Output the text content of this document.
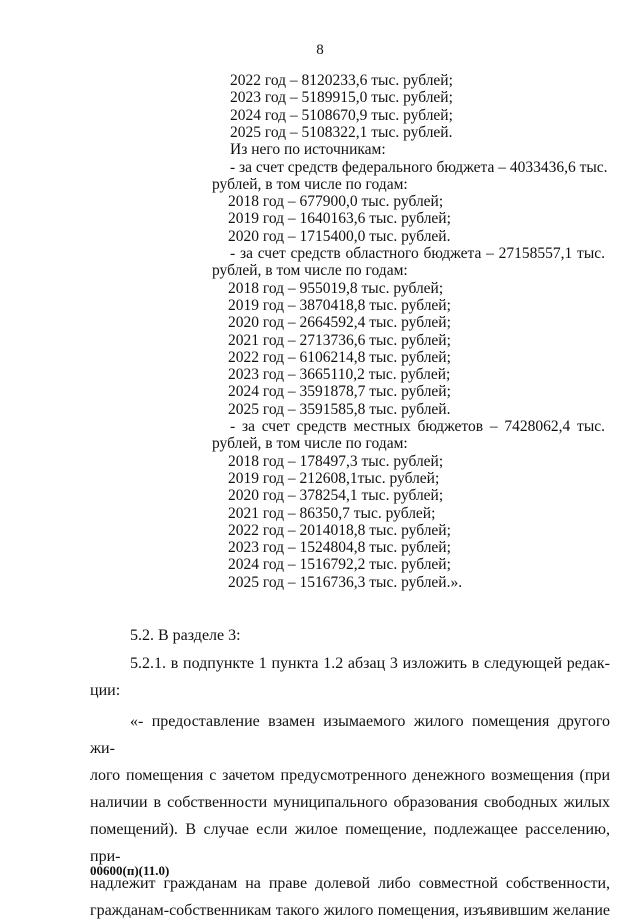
8
2022 год – 8120233,6 тыс. рублей;
2023 год – 5189915,0 тыс. рублей;
2024 год – 5108670,9 тыс. рублей;
2025 год – 5108322,1 тыс. рублей.
Из него по источникам:
- за счет средств федерального бюджета – 4033436,6 тыс.
рублей, в том числе по годам:
2018 год – 677900,0 тыс. рублей;
2019 год – 1640163,6 тыс. рублей;
2020 год – 1715400,0 тыс. рублей.
- за счет средств областного бюджета – 27158557,1 тыс.
рублей, в том числе по годам:
2018 год – 955019,8 тыс. рублей;
2019 год – 3870418,8 тыс. рублей;
2020 год – 2664592,4 тыс. рублей;
2021 год – 2713736,6 тыс. рублей;
2022 год – 6106214,8 тыс. рублей;
2023 год – 3665110,2 тыс. рублей;
2024 год – 3591878,7 тыс. рублей;
2025 год – 3591585,8 тыс. рублей.
- за счет средств местных бюджетов – 7428062,4 тыс.
рублей, в том числе по годам:
2018 год – 178497,3 тыс. рублей;
2019 год – 212608,1тыс. рублей;
2020 год – 378254,1 тыс. рублей;
2021 год – 86350,7 тыс. рублей;
2022 год – 2014018,8 тыс. рублей;
2023 год – 1524804,8 тыс. рублей;
2024 год – 1516792,2 тыс. рублей;
2025 год – 1516736,3 тыс. рублей.».

5.2. В разделе 3:

5.2.1. в подпункте 1 пункта 1.2 абзац 3 изложить в следующей редак-

ции:

«- предоставление взамен изымаемого жилого помещения другого жи-

лого помещения с зачетом предусмотренного денежного возмещения (при

наличии в собственности муниципального образования свободных жилых

помещений). В случае если жилое помещение, подлежащее расселению, при-

надлежит гражданам на праве долевой либо совместной собственности,

гражданам-собственникам такого жилого помещения, изъявившим желание

00600(п)(11.0)
